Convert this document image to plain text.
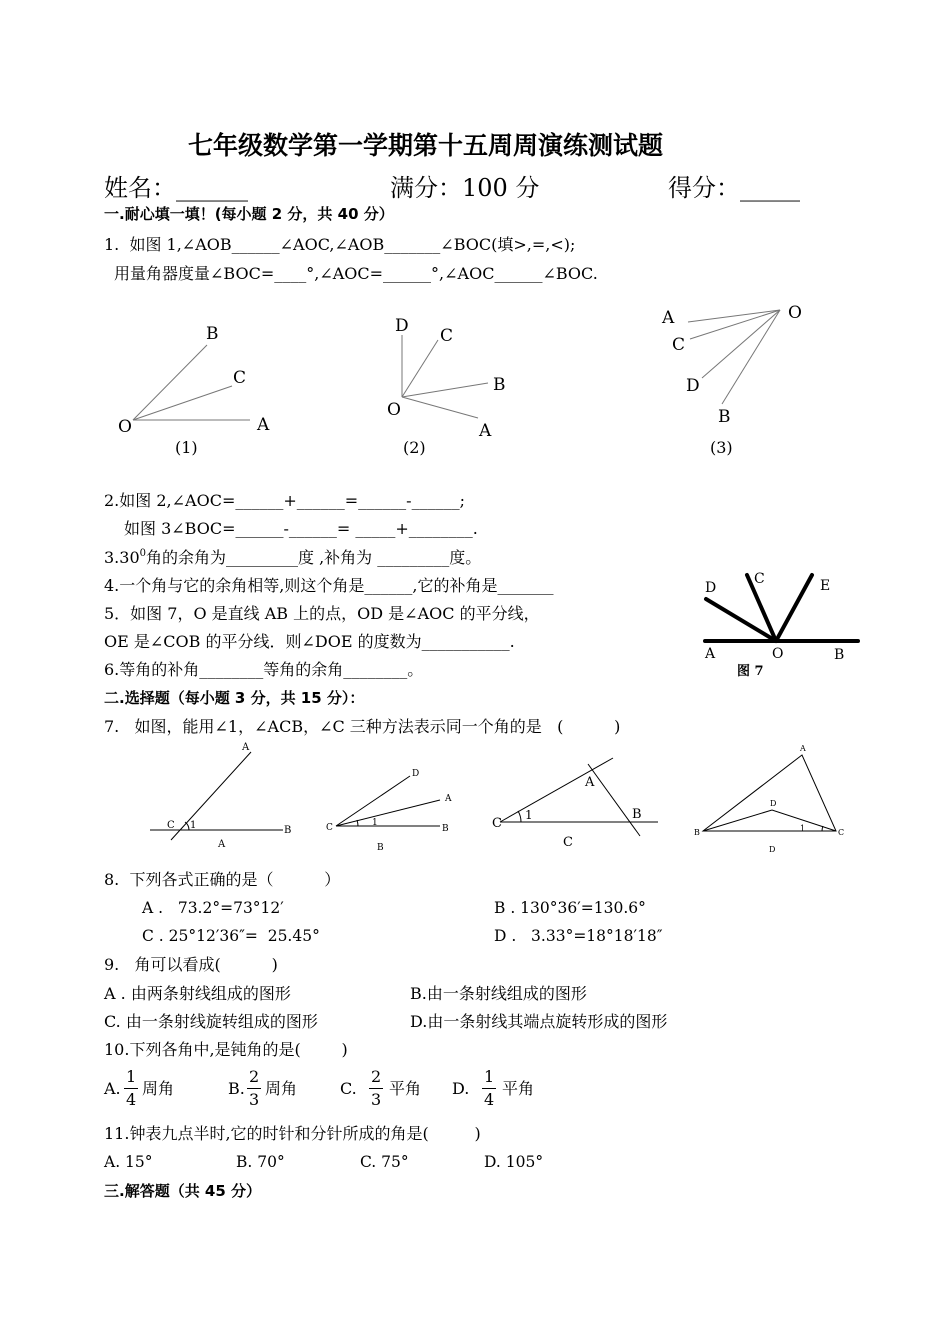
七年级数学第一学期第十五周周演练测试题
姓名：______	满分：100 分	得分：_____
一.耐心填一填！(每小题 2 分，共 40 分）
1.  如图 1,∠AOB______∠AOC,∠AOB_______∠BOC(填>,=,<);
用量角器度量∠BOC=____°,∠AOC=______°,∠AOC______∠BOC.
B
C
O	A
(1)
D C
B
O
A
(2)
A	O
C
D
B
(3)
2.如图 2,∠AOC=______+______=______-______;
如图 3∠BOC=______-______= _____+________.
3.30$^0$角的余角为_________度 ,补角为 _________度。
4.一个角与它的余角相等,则这个角是______,它的补角是_______
5．如图 7，O 是直线 AB 上的点，OD 是∠AOC 的平分线，
OE 是∠COB 的平分线．则∠DOE 的度数为___________.
6.等角的补角________等角的余角________。
D
C	E
A	O	B
图 7
二.选择题（每小题 3 分，共 15 分）：
7.   如图，能用∠1，∠ACB，∠C 三种方法表示同一个角的是   (          )
A
C 1
A
B
D
A
C	1
B
B
A
B
C
1
C
A
D
B	1	C
D
8.  下列各式正确的是（          ）
A .   73.2°=73°12′	B . 130°36′=130.6°
C . 25°12′36″=  25.45°	D .   3.33°=18°18′18″
9.   角可以看成(          )
A . 由两条射线组成的图形	B.由一条射线组成的图形
C. 由一条射线旋转组成的图形	D.由一条射线其端点旋转形成的图形
10.下列各角中,是钝角的是(        )
A. $\frac{1}{4}$ 周角	B. $\frac{2}{3}$ 周角	C. $\frac{2}{3}$ 平角 D. $\frac{1}{4}$ 平角
11.钟表九点半时,它的时针和分针所成的角是(         )
A. 15°	B. 70°	C. 75°	D. 105°
三.解答题（共 45 分）
